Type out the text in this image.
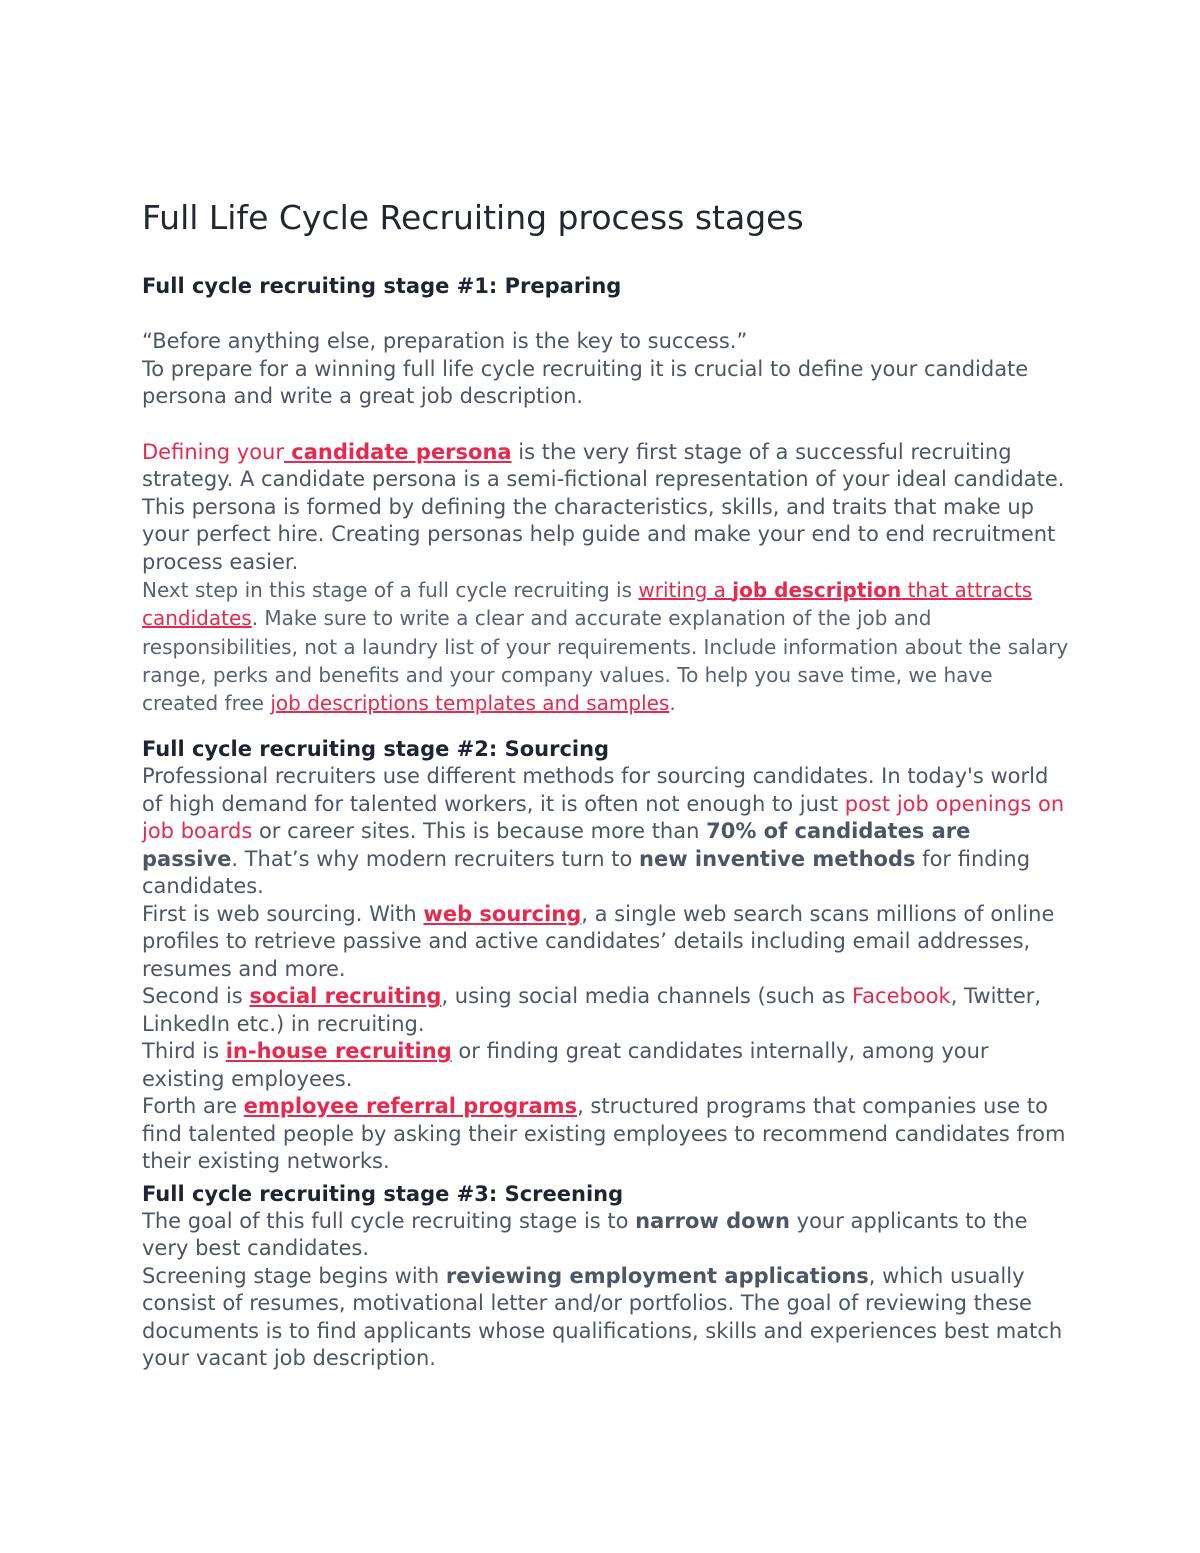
Full Life Cycle Recruiting process stages
Full cycle recruiting stage #1: Preparing

“Before anything else, preparation is the key to success.”

To prepare for a winning full life cycle recruiting it is crucial to define your candidate persona and write a great job description.

Defining your candidate persona is the very first stage of a successful recruiting strategy. A candidate persona is a semi-fictional representation of your ideal candidate. This persona is formed by defining the characteristics, skills, and traits that make up your perfect hire. Creating personas help guide and make your end to end recruitment process easier.

Next step in this stage of a full cycle recruiting is writing a job description that attracts candidates. Make sure to write a clear and accurate explanation of the job and responsibilities, not a laundry list of your requirements. Include information about the salary range, perks and benefits and your company values. To help you save time, we have created free job descriptions templates and samples.

Full cycle recruiting stage #2: Sourcing

Professional recruiters use different methods for sourcing candidates. In today's world of high demand for talented workers, it is often not enough to just post job openings on job boards or career sites. This is because more than 70% of candidates are passive. That’s why modern recruiters turn to new inventive methods for finding candidates.

First is web sourcing. With web sourcing, a single web search scans millions of online profiles to retrieve passive and active candidates’ details including email addresses, resumes and more.

Second is social recruiting, using social media channels (such as Facebook, Twitter, LinkedIn etc.) in recruiting.

Third is in-house recruiting or finding great candidates internally, among your existing employees.

Forth are employee referral programs, structured programs that companies use to find talented people by asking their existing employees to recommend candidates from their existing networks.

Full cycle recruiting stage #3: Screening

The goal of this full cycle recruiting stage is to narrow down your applicants to the very best candidates.

Screening stage begins with reviewing employment applications, which usually consist of resumes, motivational letter and/or portfolios. The goal of reviewing these documents is to find applicants whose qualifications, skills and experiences best match your vacant job description.
